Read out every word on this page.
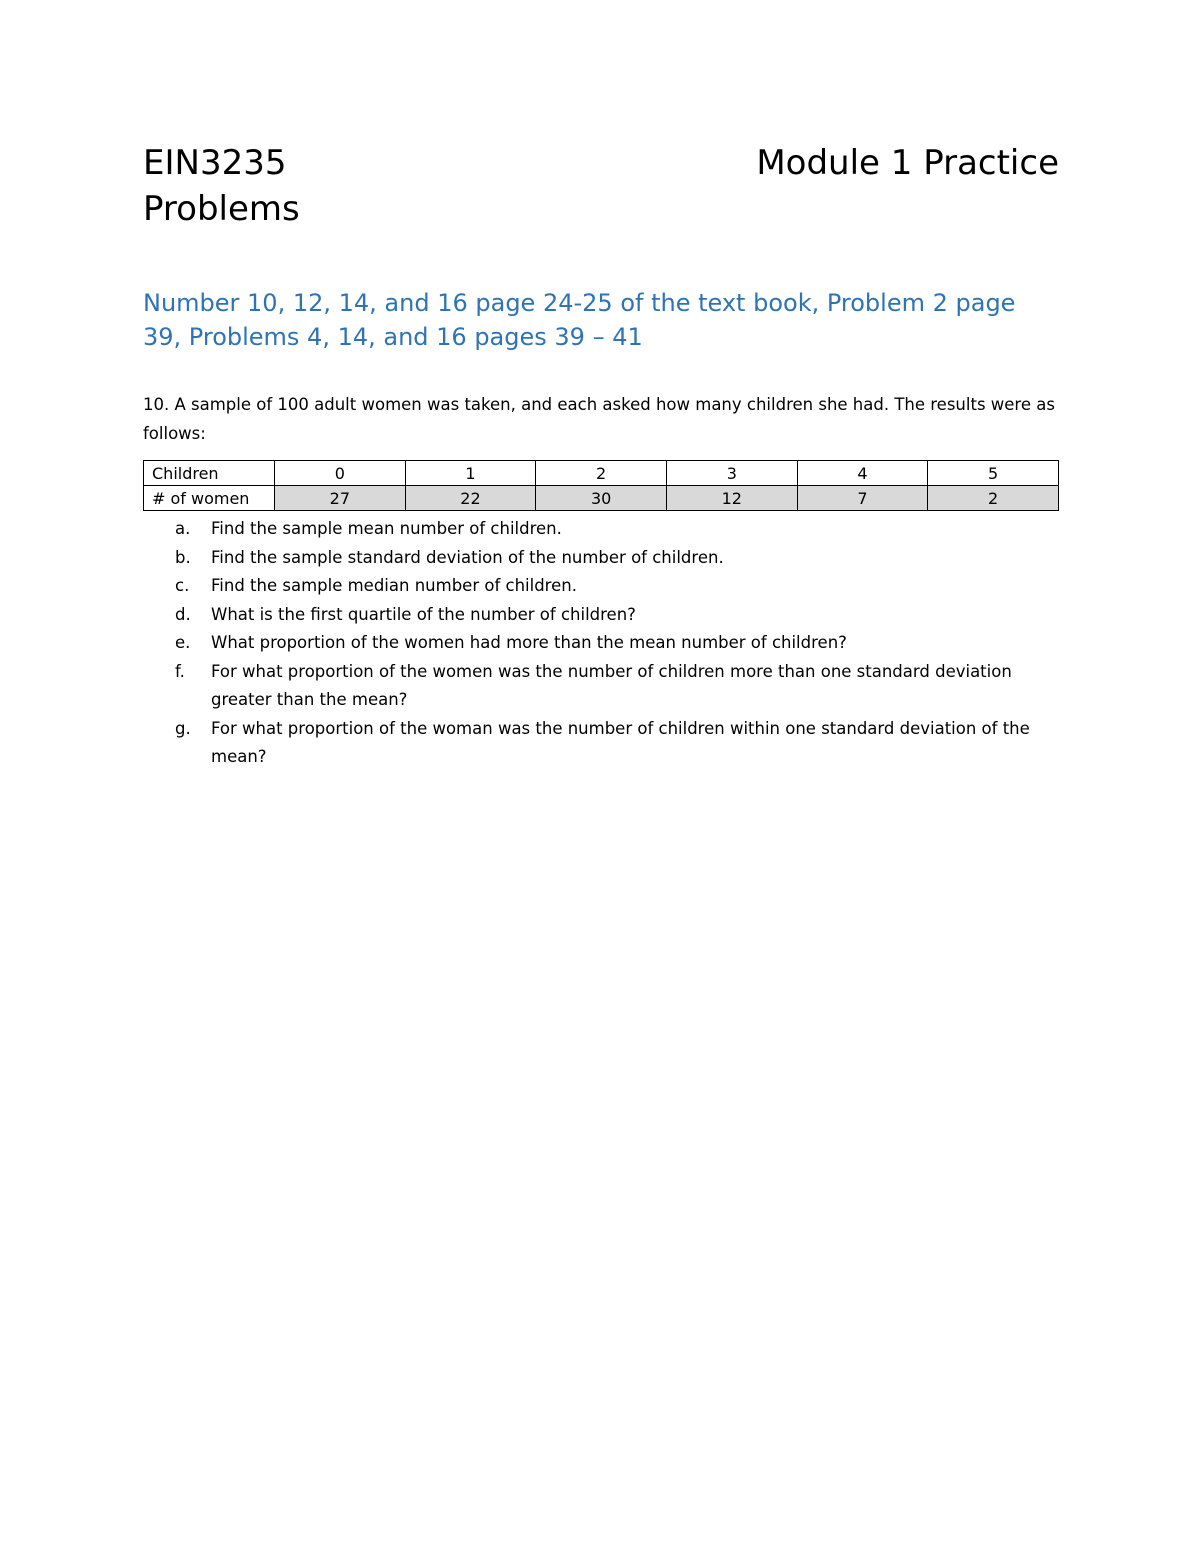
EIN3235	Module 1 Practice
Problems
Number 10, 12, 14, and 16 page 24-25 of the text book, Problem 2 page 39, Problems 4, 14, and 16 pages 39 – 41
10. A sample of 100 adult women was taken, and each asked how many children she had. The results were as follows:
Children	0	1	2	3	4	5
# of women	27	22	30	12	7	2
a. Find the sample mean number of children.
b. Find the sample standard deviation of the number of children.
c. Find the sample median number of children.
d. What is the first quartile of the number of children?
e. What proportion of the women had more than the mean number of children?
f. For what proportion of the women was the number of children more than one standard deviation greater than the mean?
g. For what proportion of the woman was the number of children within one standard deviation of the mean?
